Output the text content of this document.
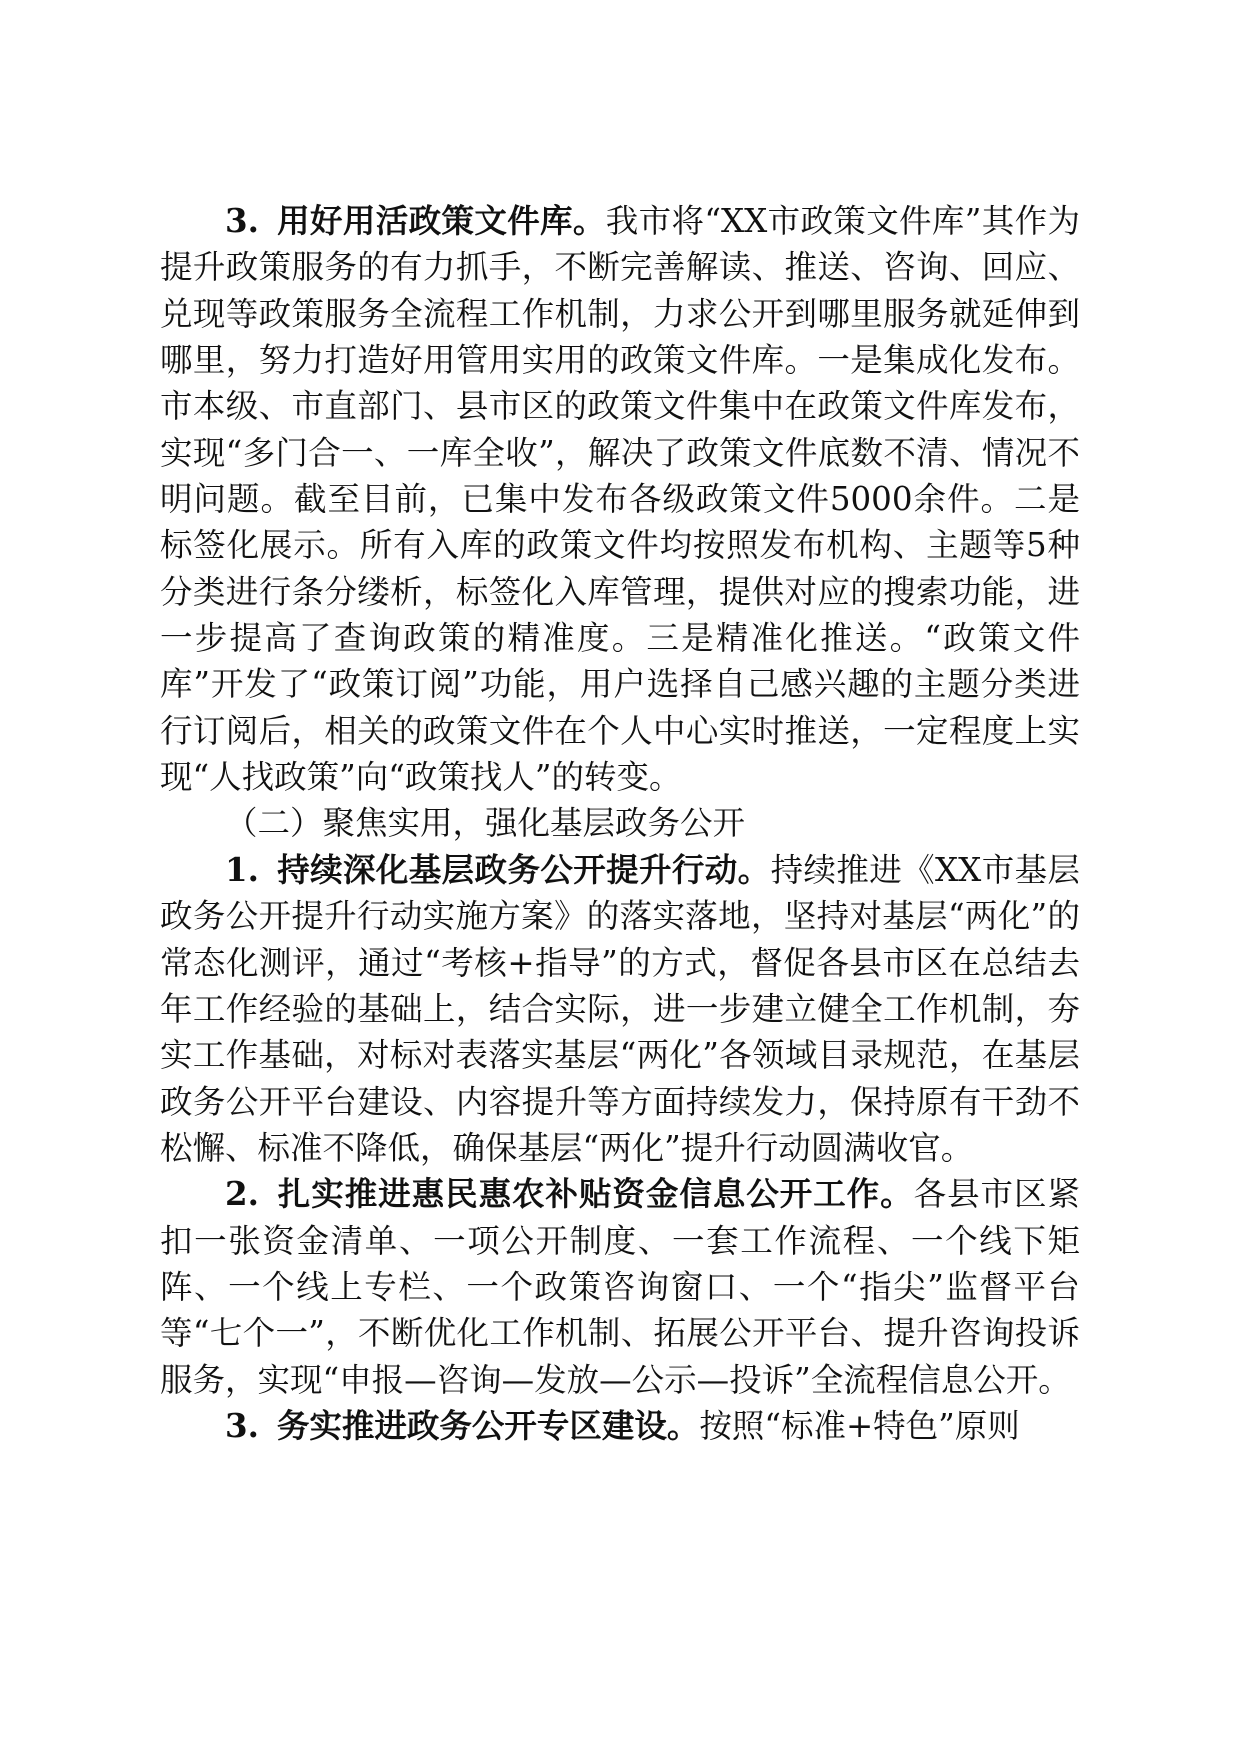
3. 用好用活政策文件库。我市将“XX市政策文件库”其作为提升政策服务的有力抓手，不断完善解读、推送、咨询、回应、兑现等政策服务全流程工作机制，力求公开到哪里服务就延伸到哪里，努力打造好用管用实用的政策文件库。一是集成化发布。市本级、市直部门、县市区的政策文件集中在政策文件库发布，实现“多门合一、一库全收”，解决了政策文件底数不清、情况不明问题。截至目前，已集中发布各级政策文件5000余件。二是标签化展示。所有入库的政策文件均按照发布机构、主题等5种分类进行条分缕析，标签化入库管理，提供对应的搜索功能，进一步提高了查询政策的精准度。三是精准化推送。“政策文件库”开发了“政策订阅”功能，用户选择自己感兴趣的主题分类进行订阅后，相关的政策文件在个人中心实时推送，一定程度上实现“人找政策”向“政策找人”的转变。

（二）聚焦实用，强化基层政务公开

1. 持续深化基层政务公开提升行动。持续推进《XX市基层政务公开提升行动实施方案》的落实落地，坚持对基层“两化”的常态化测评，通过“考核+指导”的方式，督促各县市区在总结去年工作经验的基础上，结合实际，进一步建立健全工作机制，夯实工作基础，对标对表落实基层“两化”各领域目录规范，在基层政务公开平台建设、内容提升等方面持续发力，保持原有干劲不松懈、标准不降低，确保基层“两化”提升行动圆满收官。

2. 扎实推进惠民惠农补贴资金信息公开工作。各县市区紧扣一张资金清单、一项公开制度、一套工作流程、一个线下矩阵、一个线上专栏、一个政策咨询窗口、一个“指尖”监督平台等“七个一”，不断优化工作机制、拓展公开平台、提升咨询投诉服务，实现“申报—咨询—发放—公示—投诉”全流程信息公开。

3. 务实推进政务公开专区建设。按照“标准+特色”原则
